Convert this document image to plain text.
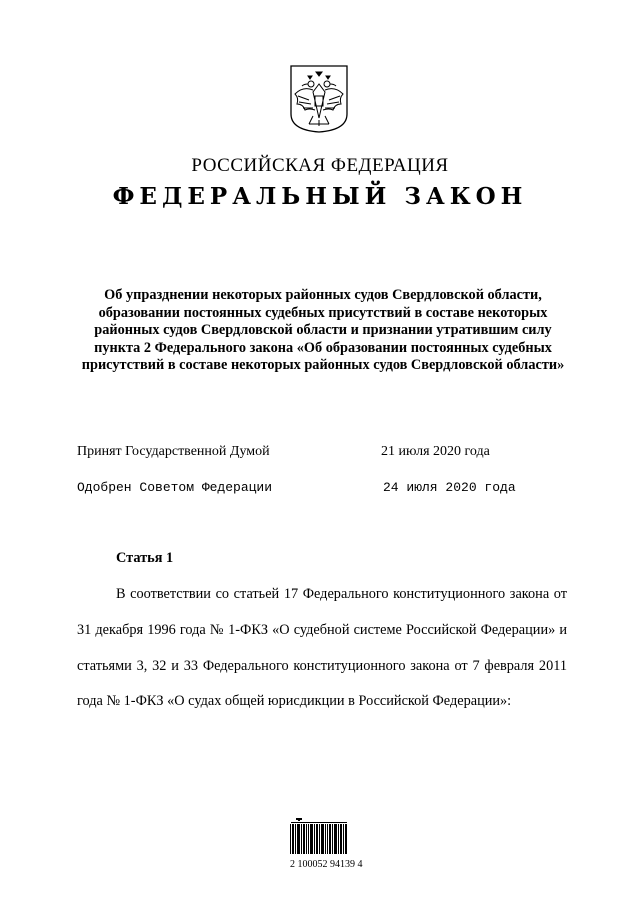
РОССИЙСКАЯ ФЕДЕРАЦИЯ
ФЕДЕРАЛЬНЫЙ ЗАКОН
Об упразднении некоторых районных судов Свердловской области, образовании постоянных судебных присутствий в составе некоторых районных судов Свердловской области и признании утратившим силу пункта 2 Федерального закона «Об образовании постоянных судебных присутствий в составе некоторых районных судов Свердловской области»
Принят Государственной Думой	21 июля 2020 года
Одобрен Советом Федерации	24 июля 2020 года
Статья 1
В соответствии со статьей 17 Федерального конституционного закона от 31 декабря 1996 года № 1-ФКЗ «О судебной системе Российской Федерации» и статьями 3, 32 и 33 Федерального конституционного закона от 7 февраля 2011 года № 1-ФКЗ «О судах общей юрисдикции в Российской Федерации»:
2 100052 94139 4
